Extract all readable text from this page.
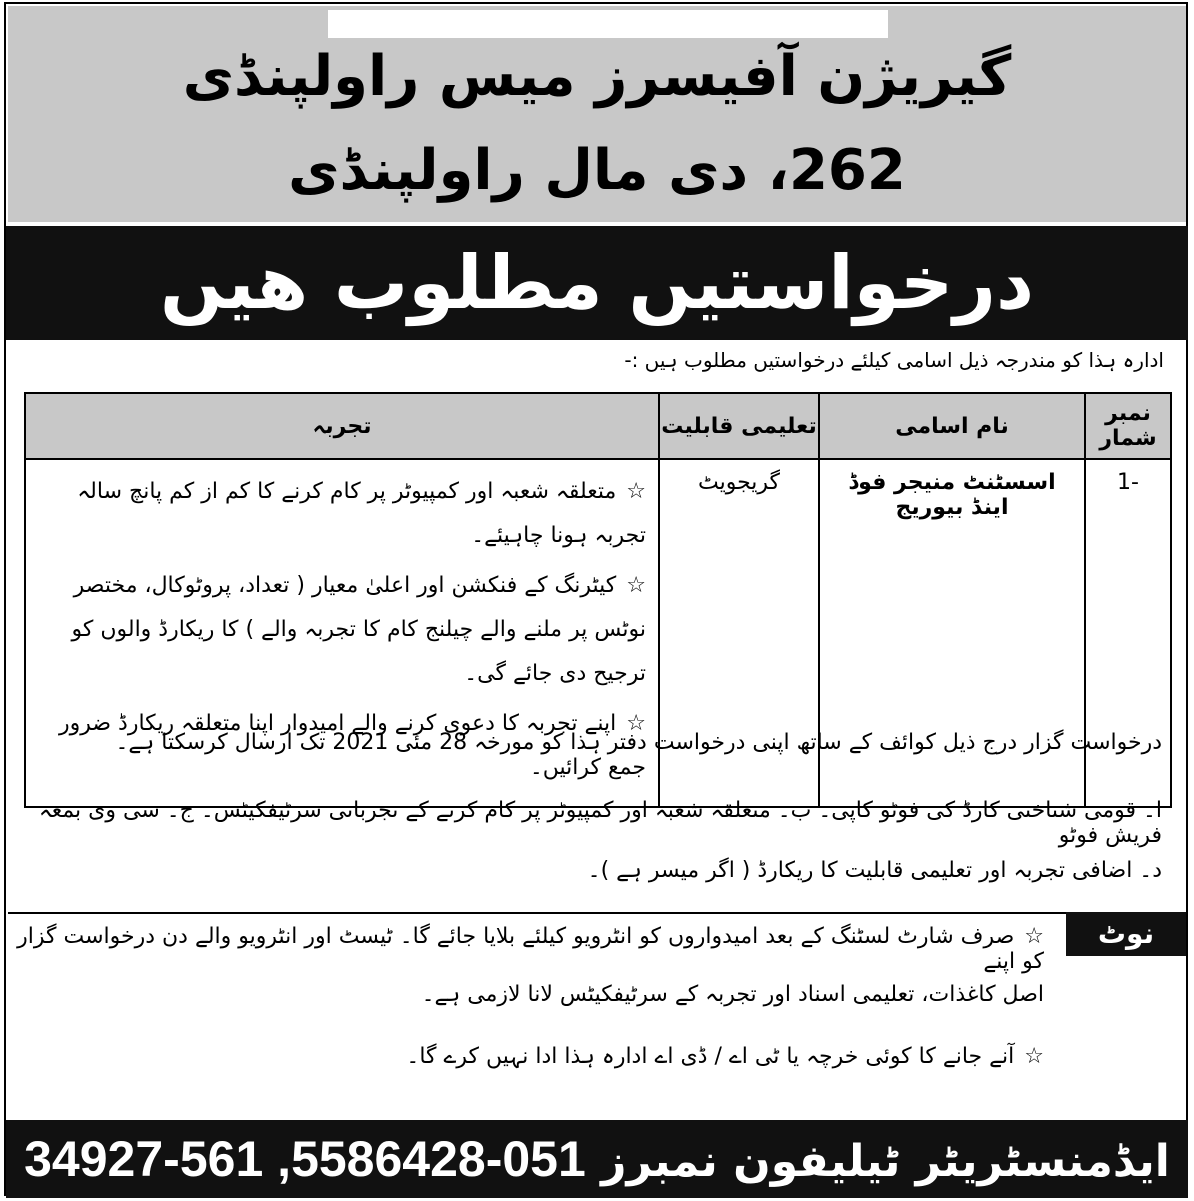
گیریژن آفیسرز میس راولپنڈی
262، دی مال راولپنڈی
درخواستیں مطلوب ھیں
ادارہ ہذا کو مندرجہ ذیل اسامی کیلئے درخواستیں مطلوب ہیں :-
نمبر شمار	نام اسامی	تعلیمی قابلیت	تجربہ
-1	اسسٹنٹ منیجر فوڈ اینڈ بیوریج	گریجویٹ	☆متعلقہ شعبہ اور کمپیوٹر پر کام کرنے کا کم از کم پانچ سالہ تجربہ ہونا چاہیئے۔
☆کیٹرنگ کے فنکشن اور اعلیٰ معیار ( تعداد، پروٹوکال، مختصر نوٹس پر ملنے والے چیلنج کام کا تجربہ والے ) کا ریکارڈ والوں کو ترجیح دی جائے گی۔
☆اپنے تجربہ کا دعوی کرنے والے امیدوار اپنا متعلقہ ریکارڈ ضرور جمع کرائیں۔
درخواست گزار درج ذیل کوائف کے ساتھ اپنی درخواست دفتر ہذا کو مورخہ 28 مئی 2021 تک ارسال کرسکتا ہے۔
ا۔ قومی شناختی کارڈ کی فوٹو کاپی۔ ب۔ متعلقہ شعبہ اور کمپیوٹر پر کام کرنے کے تجرباتی سرٹیفکیٹس۔ ج۔ سی وی بمعہ فریش فوٹو
د۔ اضافی تجربہ اور تعلیمی قابلیت کا ریکارڈ ( اگر میسر ہے )۔
نوٹ
☆صرف شارٹ لسٹنگ کے بعد امیدواروں کو انٹرویو کیلئے بلایا جائے گا۔ ٹیسٹ اور انٹرویو والے دن درخواست گزار کو اپنے
اصل کاغذات، تعلیمی اسناد اور تجربہ کے سرٹیفکیٹس لانا لازمی ہے۔
☆آنے جانے کا کوئی خرچہ یا ٹی اے / ڈی اے ادارہ ہذا ادا نہیں کرے گا۔
ایڈمنسٹریٹر ٹیلیفون نمبرز 051-5586428, 561-34927
